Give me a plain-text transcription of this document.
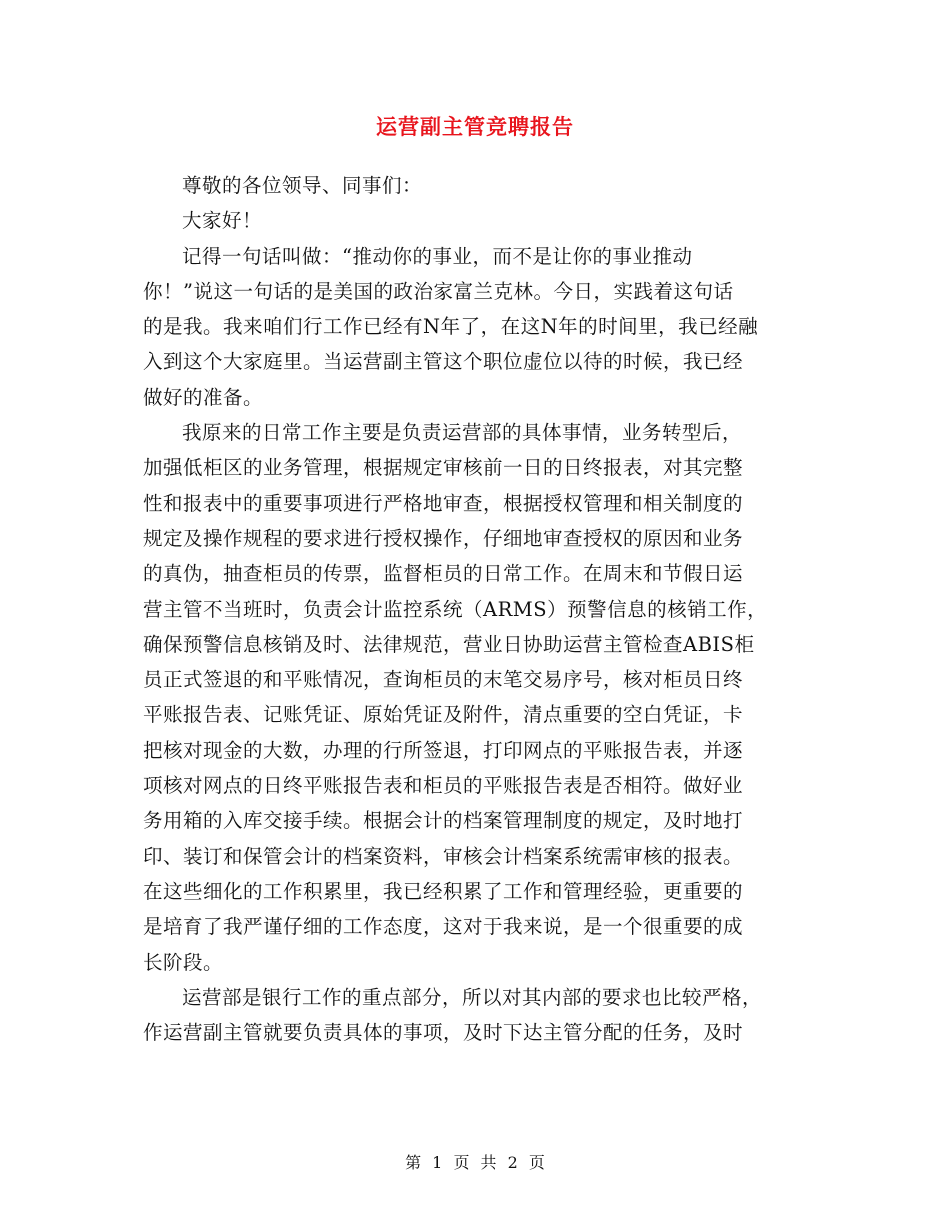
运营副主管竞聘报告

尊敬的各位领导、同事们：

大家好！

记得一句话叫做：“推动你的事业，而不是让你的事业推动
你！”说这一句话的是美国的政治家富兰克林。今日，实践着这句话
的是我。我来咱们行工作已经有N年了，在这N年的时间里，我已经融
入到这个大家庭里。当运营副主管这个职位虚位以待的时候，我已经
做好的准备。

我原来的日常工作主要是负责运营部的具体事情，业务转型后，
加强低柜区的业务管理，根据规定审核前一日的日终报表，对其完整
性和报表中的重要事项进行严格地审查，根据授权管理和相关制度的
规定及操作规程的要求进行授权操作，仔细地审查授权的原因和业务
的真伪，抽查柜员的传票，监督柜员的日常工作。在周末和节假日运
营主管不当班时，负责会计监控系统（ARMS）预警信息的核销工作，
确保预警信息核销及时、法律规范，营业日协助运营主管检查ABIS柜
员正式签退的和平账情况，查询柜员的末笔交易序号，核对柜员日终
平账报告表、记账凭证、原始凭证及附件，清点重要的空白凭证，卡
把核对现金的大数，办理的行所签退，打印网点的平账报告表，并逐
项核对网点的日终平账报告表和柜员的平账报告表是否相符。做好业
务用箱的入库交接手续。根据会计的档案管理制度的规定，及时地打
印、装订和保管会计的档案资料，审核会计档案系统需审核的报表。
在这些细化的工作积累里，我已经积累了工作和管理经验，更重要的
是培育了我严谨仔细的工作态度，这对于我来说，是一个很重要的成
长阶段。

运营部是银行工作的重点部分，所以对其内部的要求也比较严格，
作运营副主管就要负责具体的事项，及时下达主管分配的任务，及时

第 1 页 共 2 页
